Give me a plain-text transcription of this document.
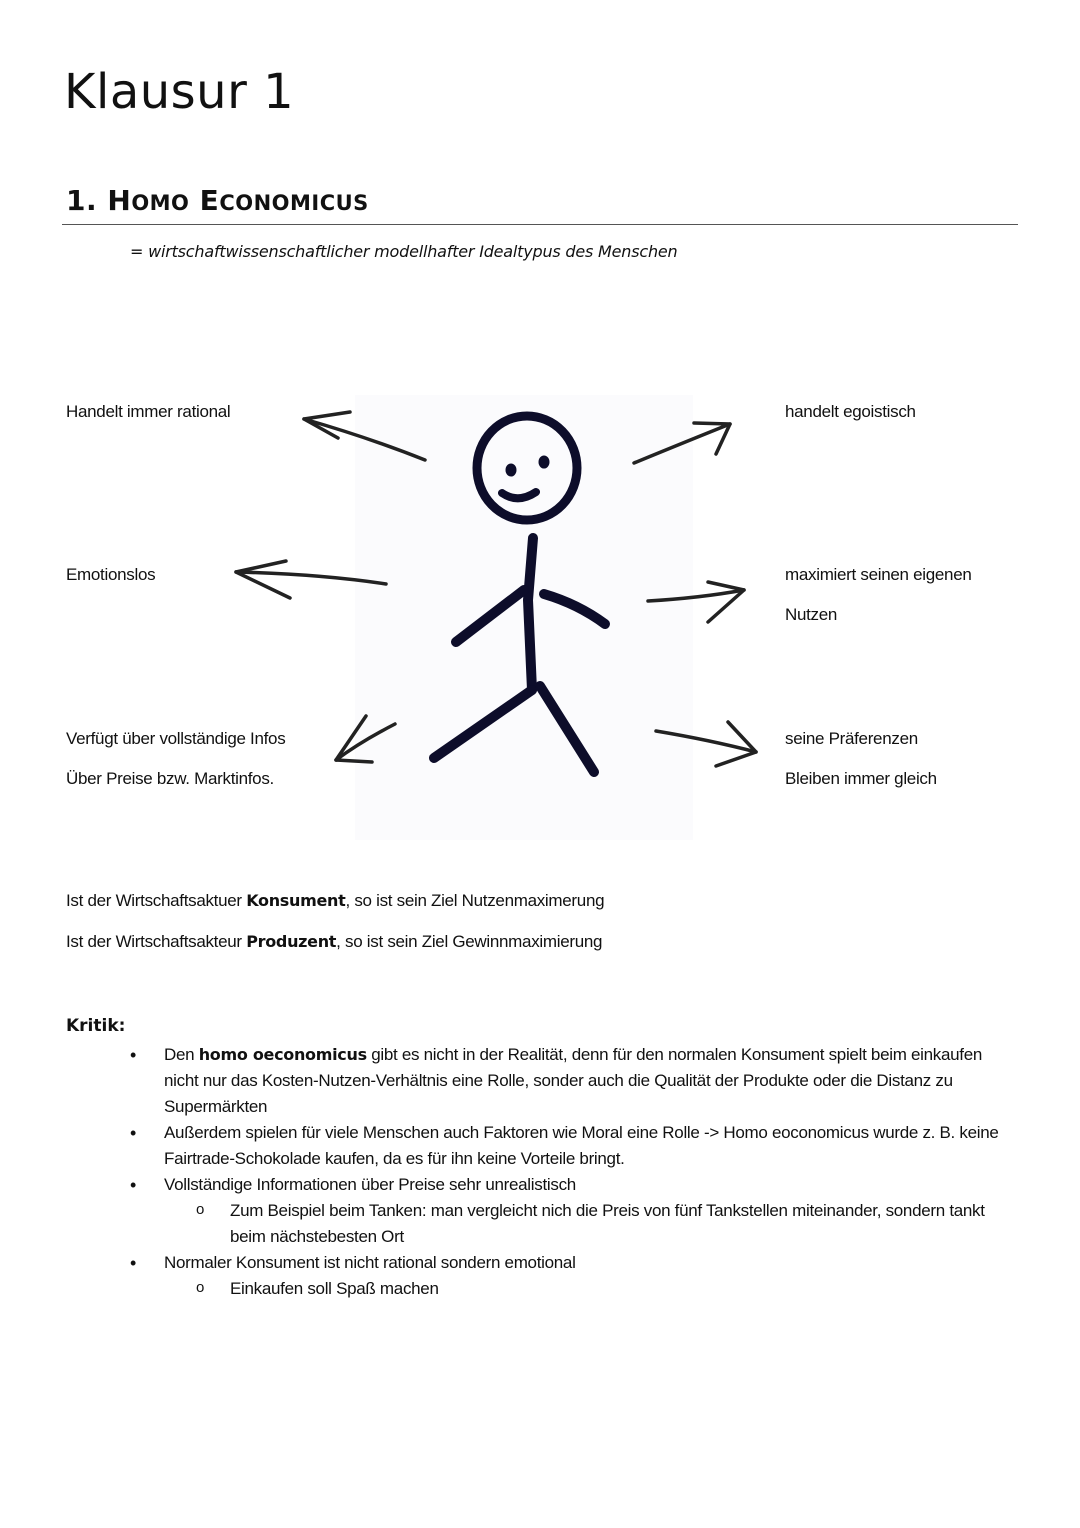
Klausur 1
1. HOMO ECONOMICUS
= wirtschaftwissenschaftlicher modellhafter Idealtypus des Menschen
Handelt immer rational
Emotionslos
Verfügt über vollständige Infos
Über Preise bzw. Marktinfos.
handelt egoistisch
maximiert seinen eigenen
Nutzen
seine Präferenzen
Bleiben immer gleich
Ist der Wirtschaftsaktuer Konsument, so ist sein Ziel Nutzenmaximerung
Ist der Wirtschaftsakteur Produzent, so ist sein Ziel Gewinnmaximierung
Kritik:
• Den homo oeconomicus gibt es nicht in der Realität, denn für den normalen Konsument spielt beim einkaufen nicht nur das Kosten-Nutzen-Verhältnis eine Rolle, sonder auch die Qualität der Produkte oder die Distanz zu Supermärkten
• Außerdem spielen für viele Menschen auch Faktoren wie Moral eine Rolle -> Homo eoconomicus wurde z. B. keine Fairtrade-Schokolade kaufen, da es für ihn keine Vorteile bringt.
• Vollständige Informationen über Preise sehr unrealistisch
o Zum Beispiel beim Tanken: man vergleicht nich die Preis von fünf Tankstellen miteinander, sondern tankt beim nächstebesten Ort
• Normaler Konsument ist nicht rational sondern emotional
o Einkaufen soll Spaß machen
